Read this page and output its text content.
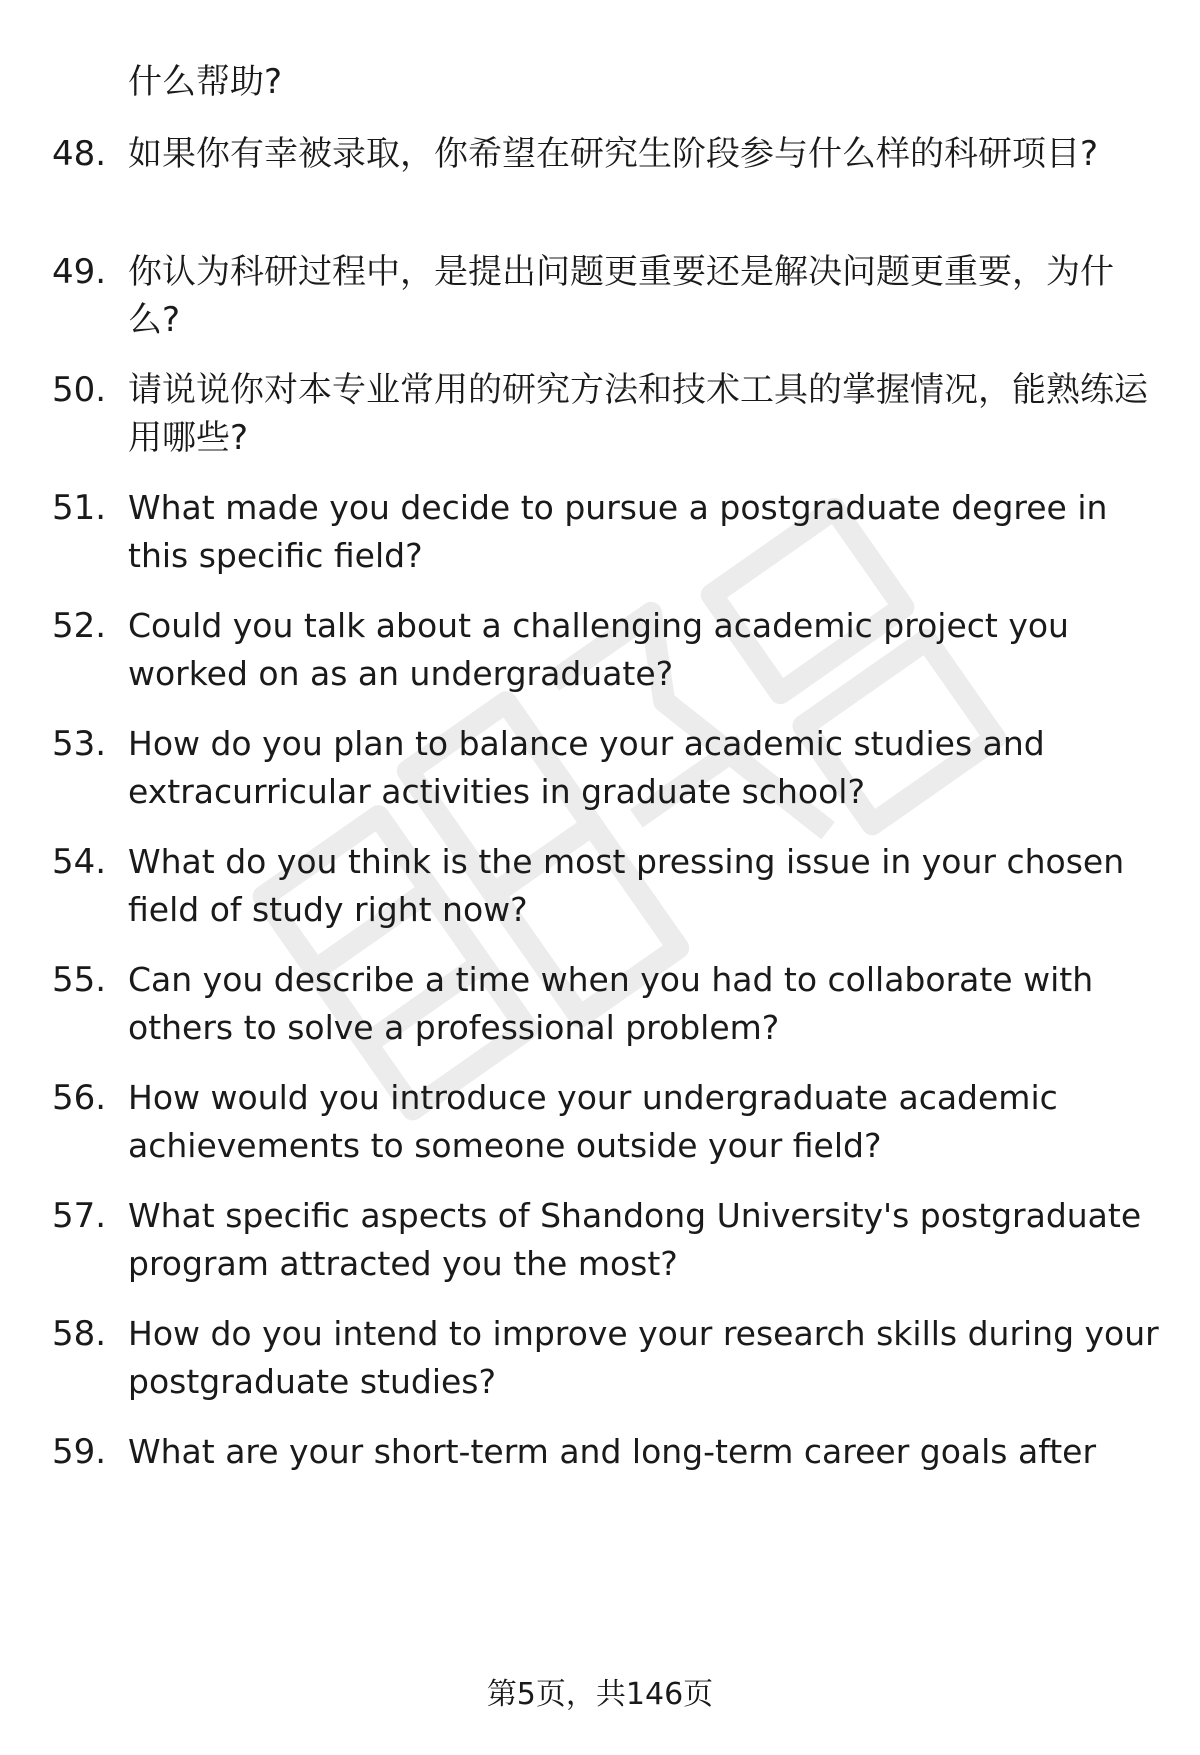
什么帮助?

48. 如果你有幸被录取，你希望在研究生阶段参与什么样的科研项目?

49. 你认为科研过程中，是提出问题更重要还是解决问题更重要，为什么?

50. 请说说你对本专业常用的研究方法和技术工具的掌握情况，能熟练运用哪些?

51. What made you decide to pursue a postgraduate degree in this specific field?

52. Could you talk about a challenging academic project you worked on as an undergraduate?

53. How do you plan to balance your academic studies and extracurricular activities in graduate school?

54. What do you think is the most pressing issue in your chosen field of study right now?

55. Can you describe a time when you had to collaborate with others to solve a professional problem?

56. How would you introduce your undergraduate academic achievements to someone outside your field?

57. What specific aspects of Shandong University's postgraduate program attracted you the most?

58. How do you intend to improve your research skills during your postgraduate studies?

59. What are your short-term and long-term career goals after

第5页，共146页
